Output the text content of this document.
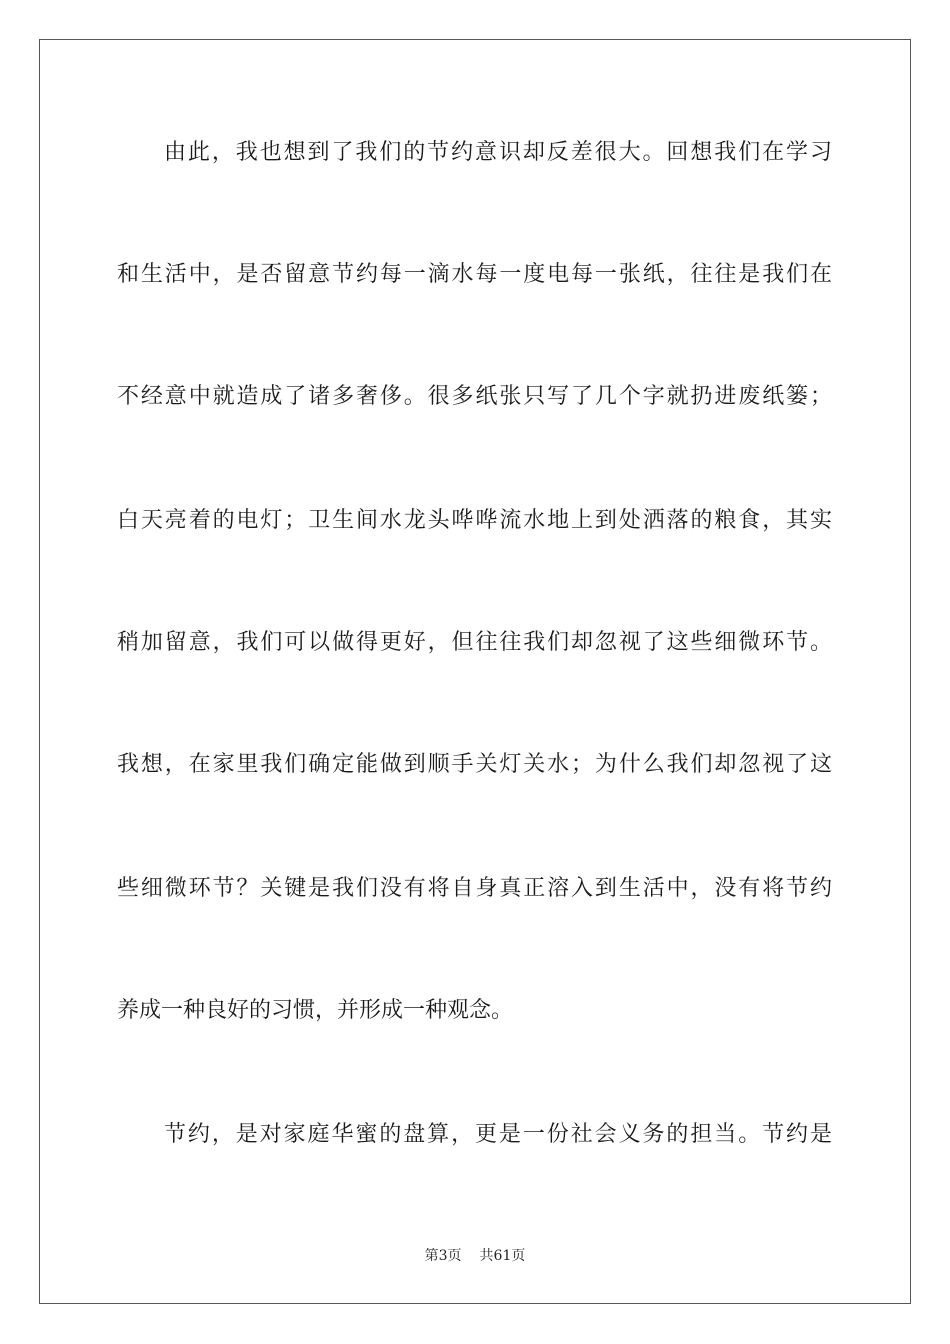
由此，我也想到了我们的节约意识却反差很大。回想我们在学习
和生活中，是否留意节约每一滴水每一度电每一张纸，往往是我们在
不经意中就造成了诸多奢侈。很多纸张只写了几个字就扔进废纸篓；
白天亮着的电灯；卫生间水龙头哗哗流水地上到处洒落的粮食，其实
稍加留意，我们可以做得更好，但往往我们却忽视了这些细微环节。
我想，在家里我们确定能做到顺手关灯关水；为什么我们却忽视了这
些细微环节？关键是我们没有将自身真正溶入到生活中，没有将节约
养成一种良好的习惯，并形成一种观念。
节约，是对家庭华蜜的盘算，更是一份社会义务的担当。节约是
第3页 共61页
